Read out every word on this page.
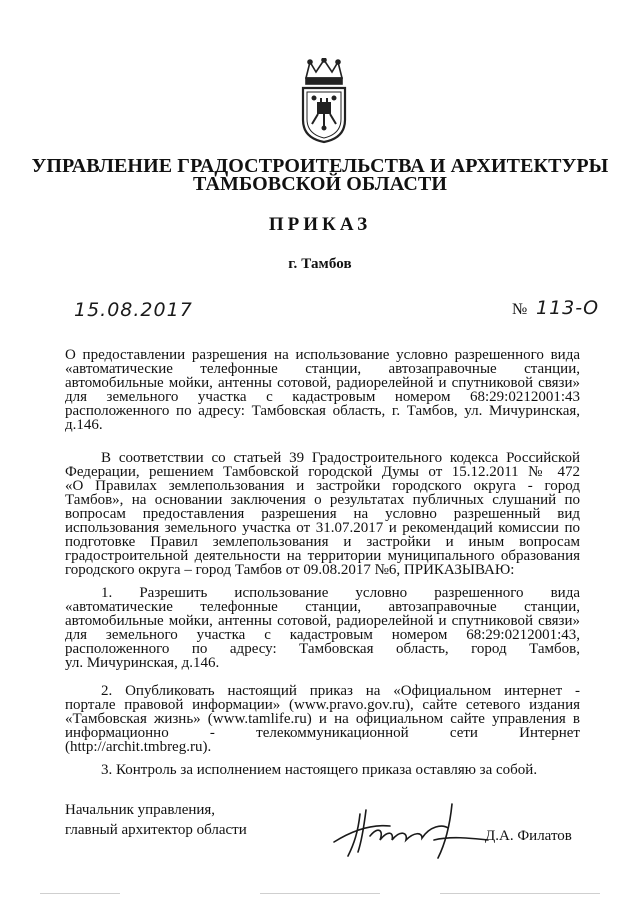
УПРАВЛЕНИЕ ГРАДОСТРОИТЕЛЬСТВА И АРХИТЕКТУРЫ
ТАМБОВСКОЙ ОБЛАСТИ
ПРИКАЗ
г. Тамбов
15.08.2017	№ 113-О
О предоставлении разрешения на использование условно разрешенного вида
«автоматические телефонные станции, автозаправочные станции,
автомобильные мойки, антенны сотовой, радиорелейной и спутниковой связи»
для земельного участка с кадастровым номером 68:29:0212001:43
расположенного по адресу: Тамбовская область, г. Тамбов, ул. Мичуринская,
д.146.
В соответствии со статьей 39 Градостроительного кодекса Российской
Федерации, решением Тамбовской городской Думы от 15.12.2011 № 472
«О Правилах землепользования и застройки городского округа - город
Тамбов», на основании заключения о результатах публичных слушаний по
вопросам предоставления разрешения на условно разрешенный вид
использования земельного участка от 31.07.2017 и рекомендаций комиссии по
подготовке Правил землепользования и застройки и иным вопросам
градостроительной деятельности на территории муниципального образования
городского округа – город Тамбов от 09.08.2017 №6, ПРИКАЗЫВАЮ:
1. Разрешить использование условно разрешенного вида
«автоматические телефонные станции, автозаправочные станции,
автомобильные мойки, антенны сотовой, радиорелейной и спутниковой связи»
для земельного участка с кадастровым номером 68:29:0212001:43,
расположенного по адресу: Тамбовская область, город Тамбов,
ул. Мичуринская, д.146.
2. Опубликовать настоящий приказ на «Официальном интернет -
портале правовой информации» (www.pravo.gov.ru), сайте сетевого издания
«Тамбовская жизнь» (www.tamlife.ru) и на официальном сайте управления в
информационно - телекоммуникационной сети Интернет
(http://archit.tmbreg.ru).
3. Контроль за исполнением настоящего приказа оставляю за собой.
Начальник управления,
главный архитектор области	Д.А. Филатов
